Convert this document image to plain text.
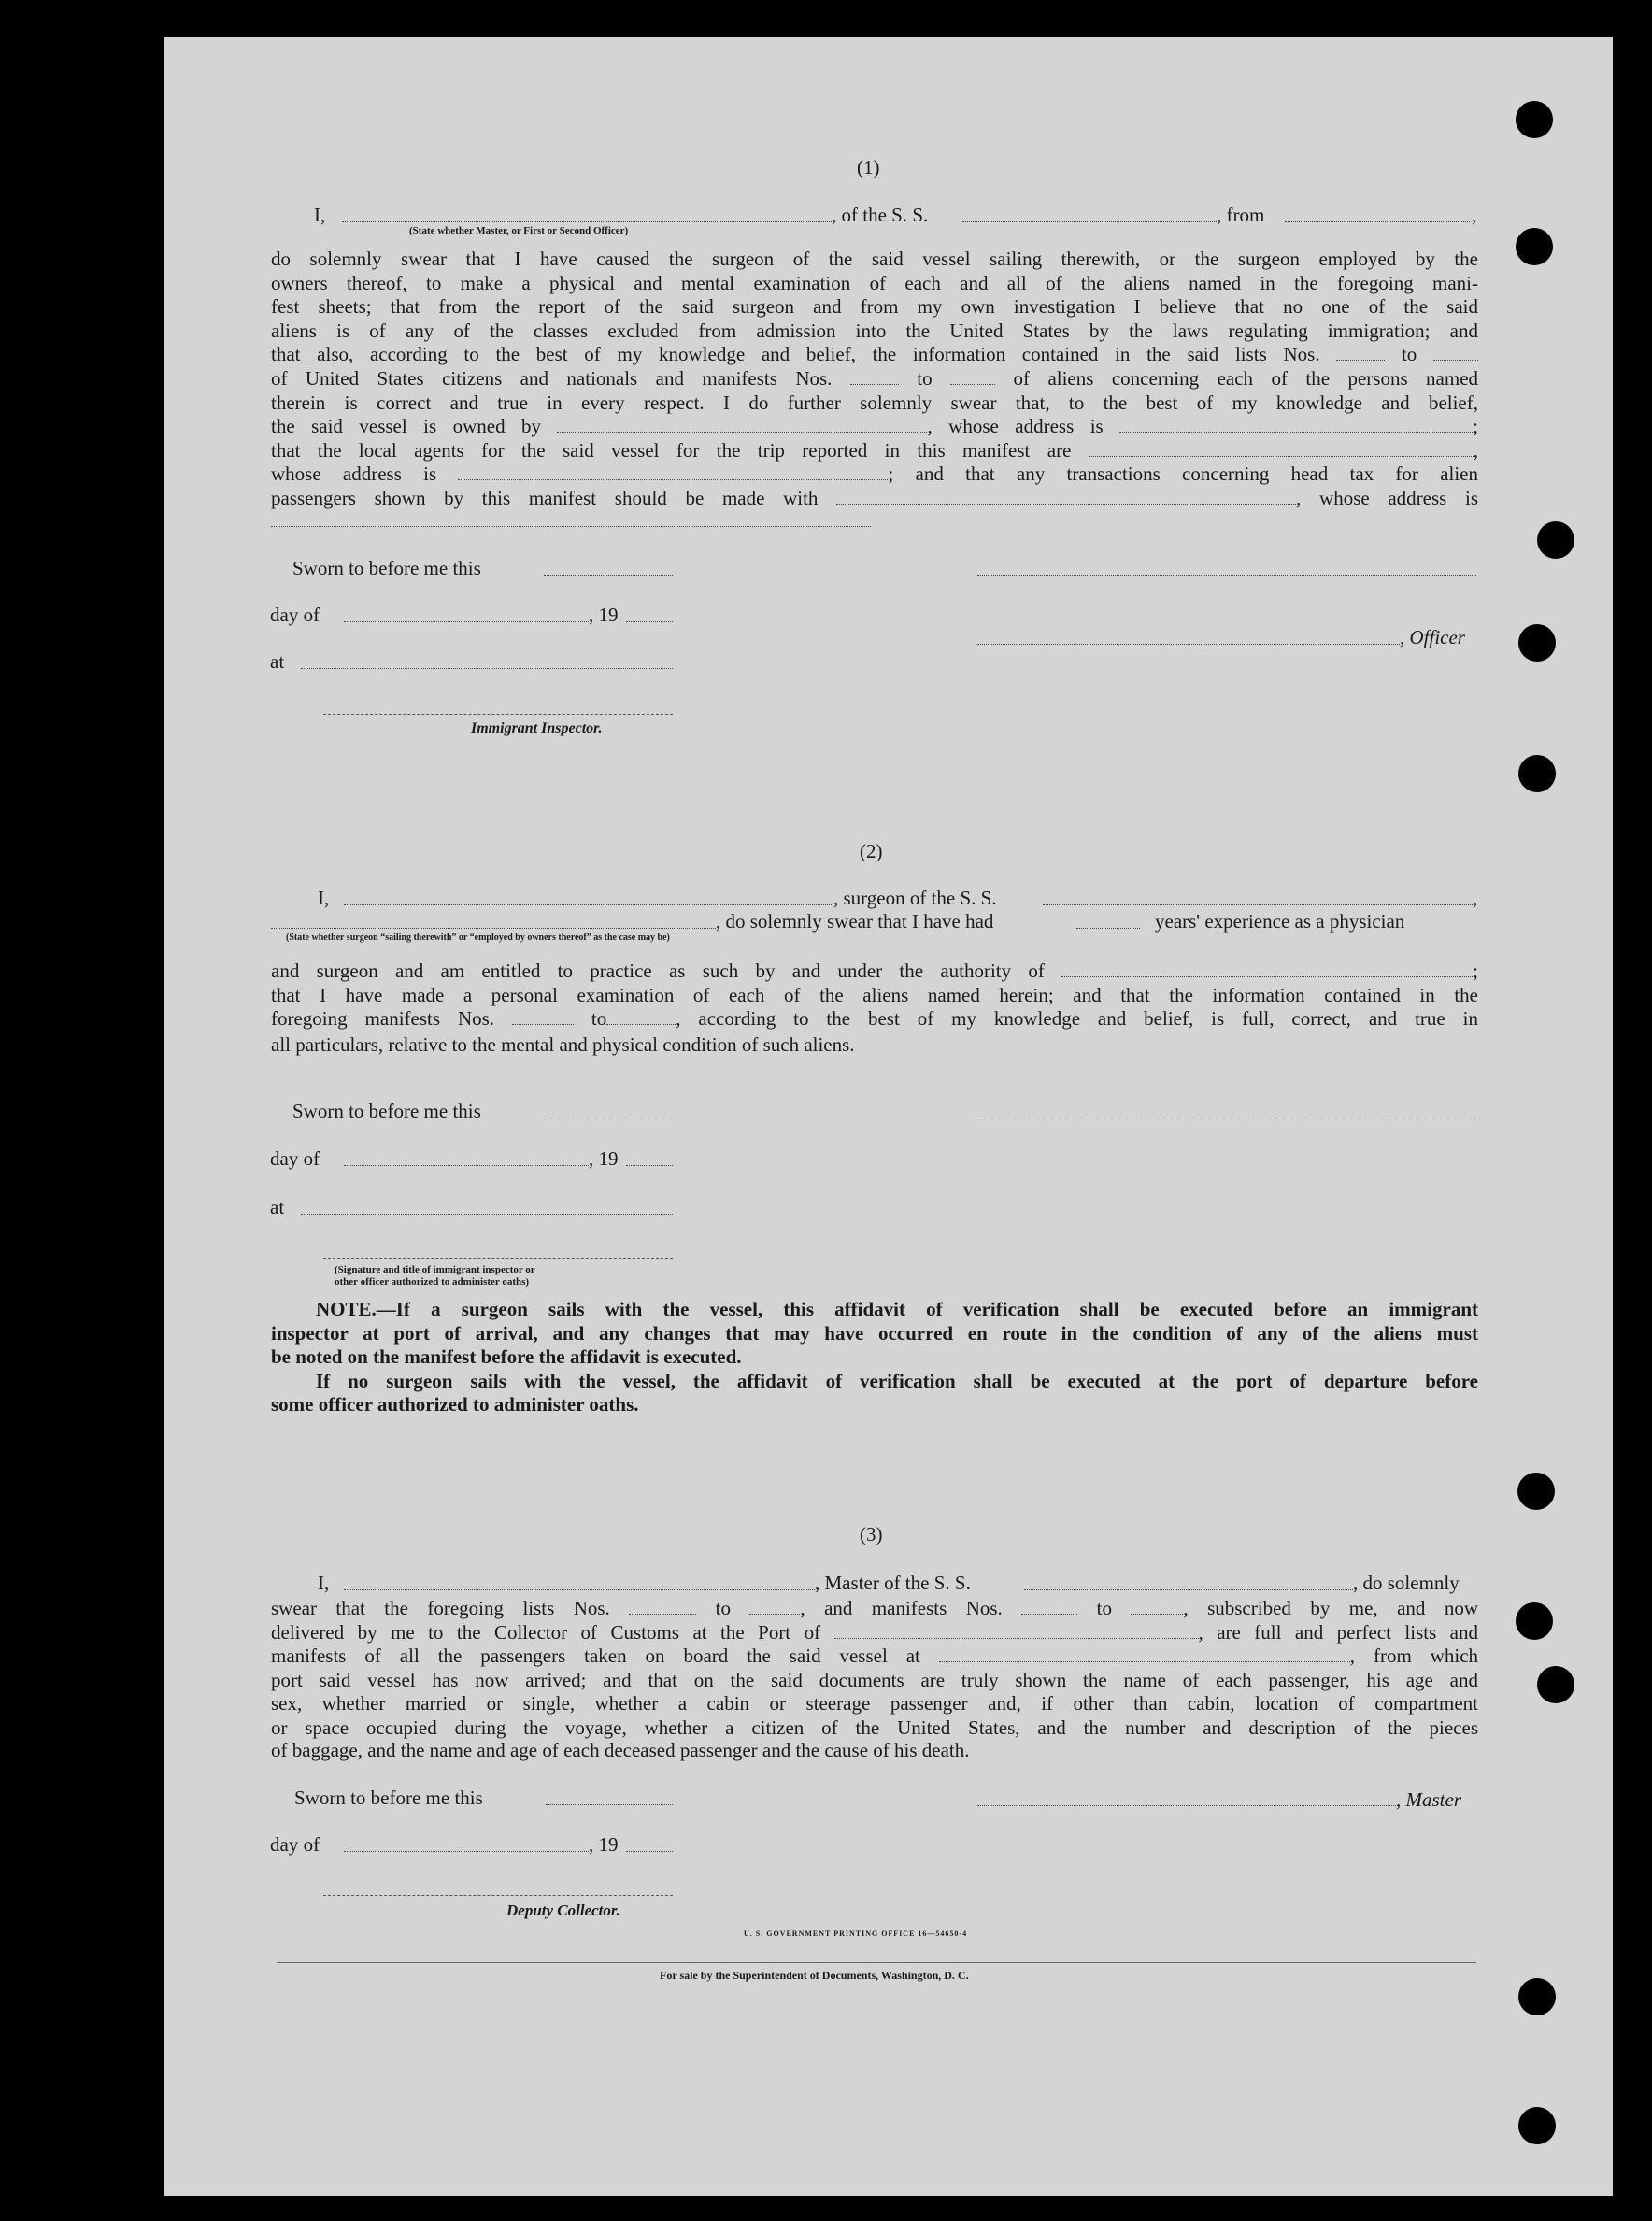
(1)
I,
(State whether Master, or First or Second Officer)
, of the S. S.	, from	,
do solemnly swear that I have caused the surgeon of the said vessel sailing therewith, or the surgeon employed by the
owners thereof, to make a physical and mental examination of each and all of the aliens named in the foregoing mani-
fest sheets; that from the report of the said surgeon and from my own investigation I believe that no one of the said
aliens is of any of the classes excluded from admission into the United States by the laws regulating immigration; and
that also, according to the best of my knowledge and belief, the information contained in the said lists Nos.	to
of United States citizens and nationals and manifests Nos.	to	of aliens concerning each of the persons named
therein is correct and true in every respect. I do further solemnly swear that, to the best of my knowledge and belief,
the said vessel is owned by	, whose address is	;
that the local agents for the said vessel for the trip reported in this manifest are	,
whose address is	; and that any transactions concerning head tax for alien
passengers shown by this manifest should be made with	, whose address is
Sworn to before me this
day of	, 19
, Officer
at
Immigrant Inspector.
(2)
I,	, surgeon of the S. S.	,
, do solemnly swear that I have had	years' experience as a physician
(State whether surgeon “sailing therewith” or “employed by owners thereof” as the case may be)
and surgeon and am entitled to practice as such by and under the authority of	;
that I have made a personal examination of each of the aliens named herein; and that the information contained in the
foregoing manifests Nos.	to	, according to the best of my knowledge and belief, is full, correct, and true in
all particulars, relative to the mental and physical condition of such aliens.
Sworn to before me this
day of	, 19
at
(Signature and title of immigrant inspector or
other officer authorized to administer oaths)
NOTE.—If a surgeon sails with the vessel, this affidavit of verification shall be executed before an immigrant
inspector at port of arrival, and any changes that may have occurred en route in the condition of any of the aliens must
be noted on the manifest before the affidavit is executed.
If no surgeon sails with the vessel, the affidavit of verification shall be executed at the port of departure before
some officer authorized to administer oaths.
(3)
I,	, Master of the S. S.	, do solemnly
swear that the foregoing lists Nos.	to	, and manifests Nos.	to	, subscribed by me, and now
delivered by me to the Collector of Customs at the Port of	, are full and perfect lists and
manifests of all the passengers taken on board the said vessel at	, from which
port said vessel has now arrived; and that on the said documents are truly shown the name of each passenger, his age and
sex, whether married or single, whether a cabin or steerage passenger and, if other than cabin, location of compartment
or space occupied during the voyage, whether a citizen of the United States, and the number and description of the pieces
of baggage, and the name and age of each deceased passenger and the cause of his death.
Sworn to before me this	, Master
day of	, 19
Deputy Collector.
U. S. GOVERNMENT PRINTING OFFICE 16—54650-4
For sale by the Superintendent of Documents, Washington, D. C.
